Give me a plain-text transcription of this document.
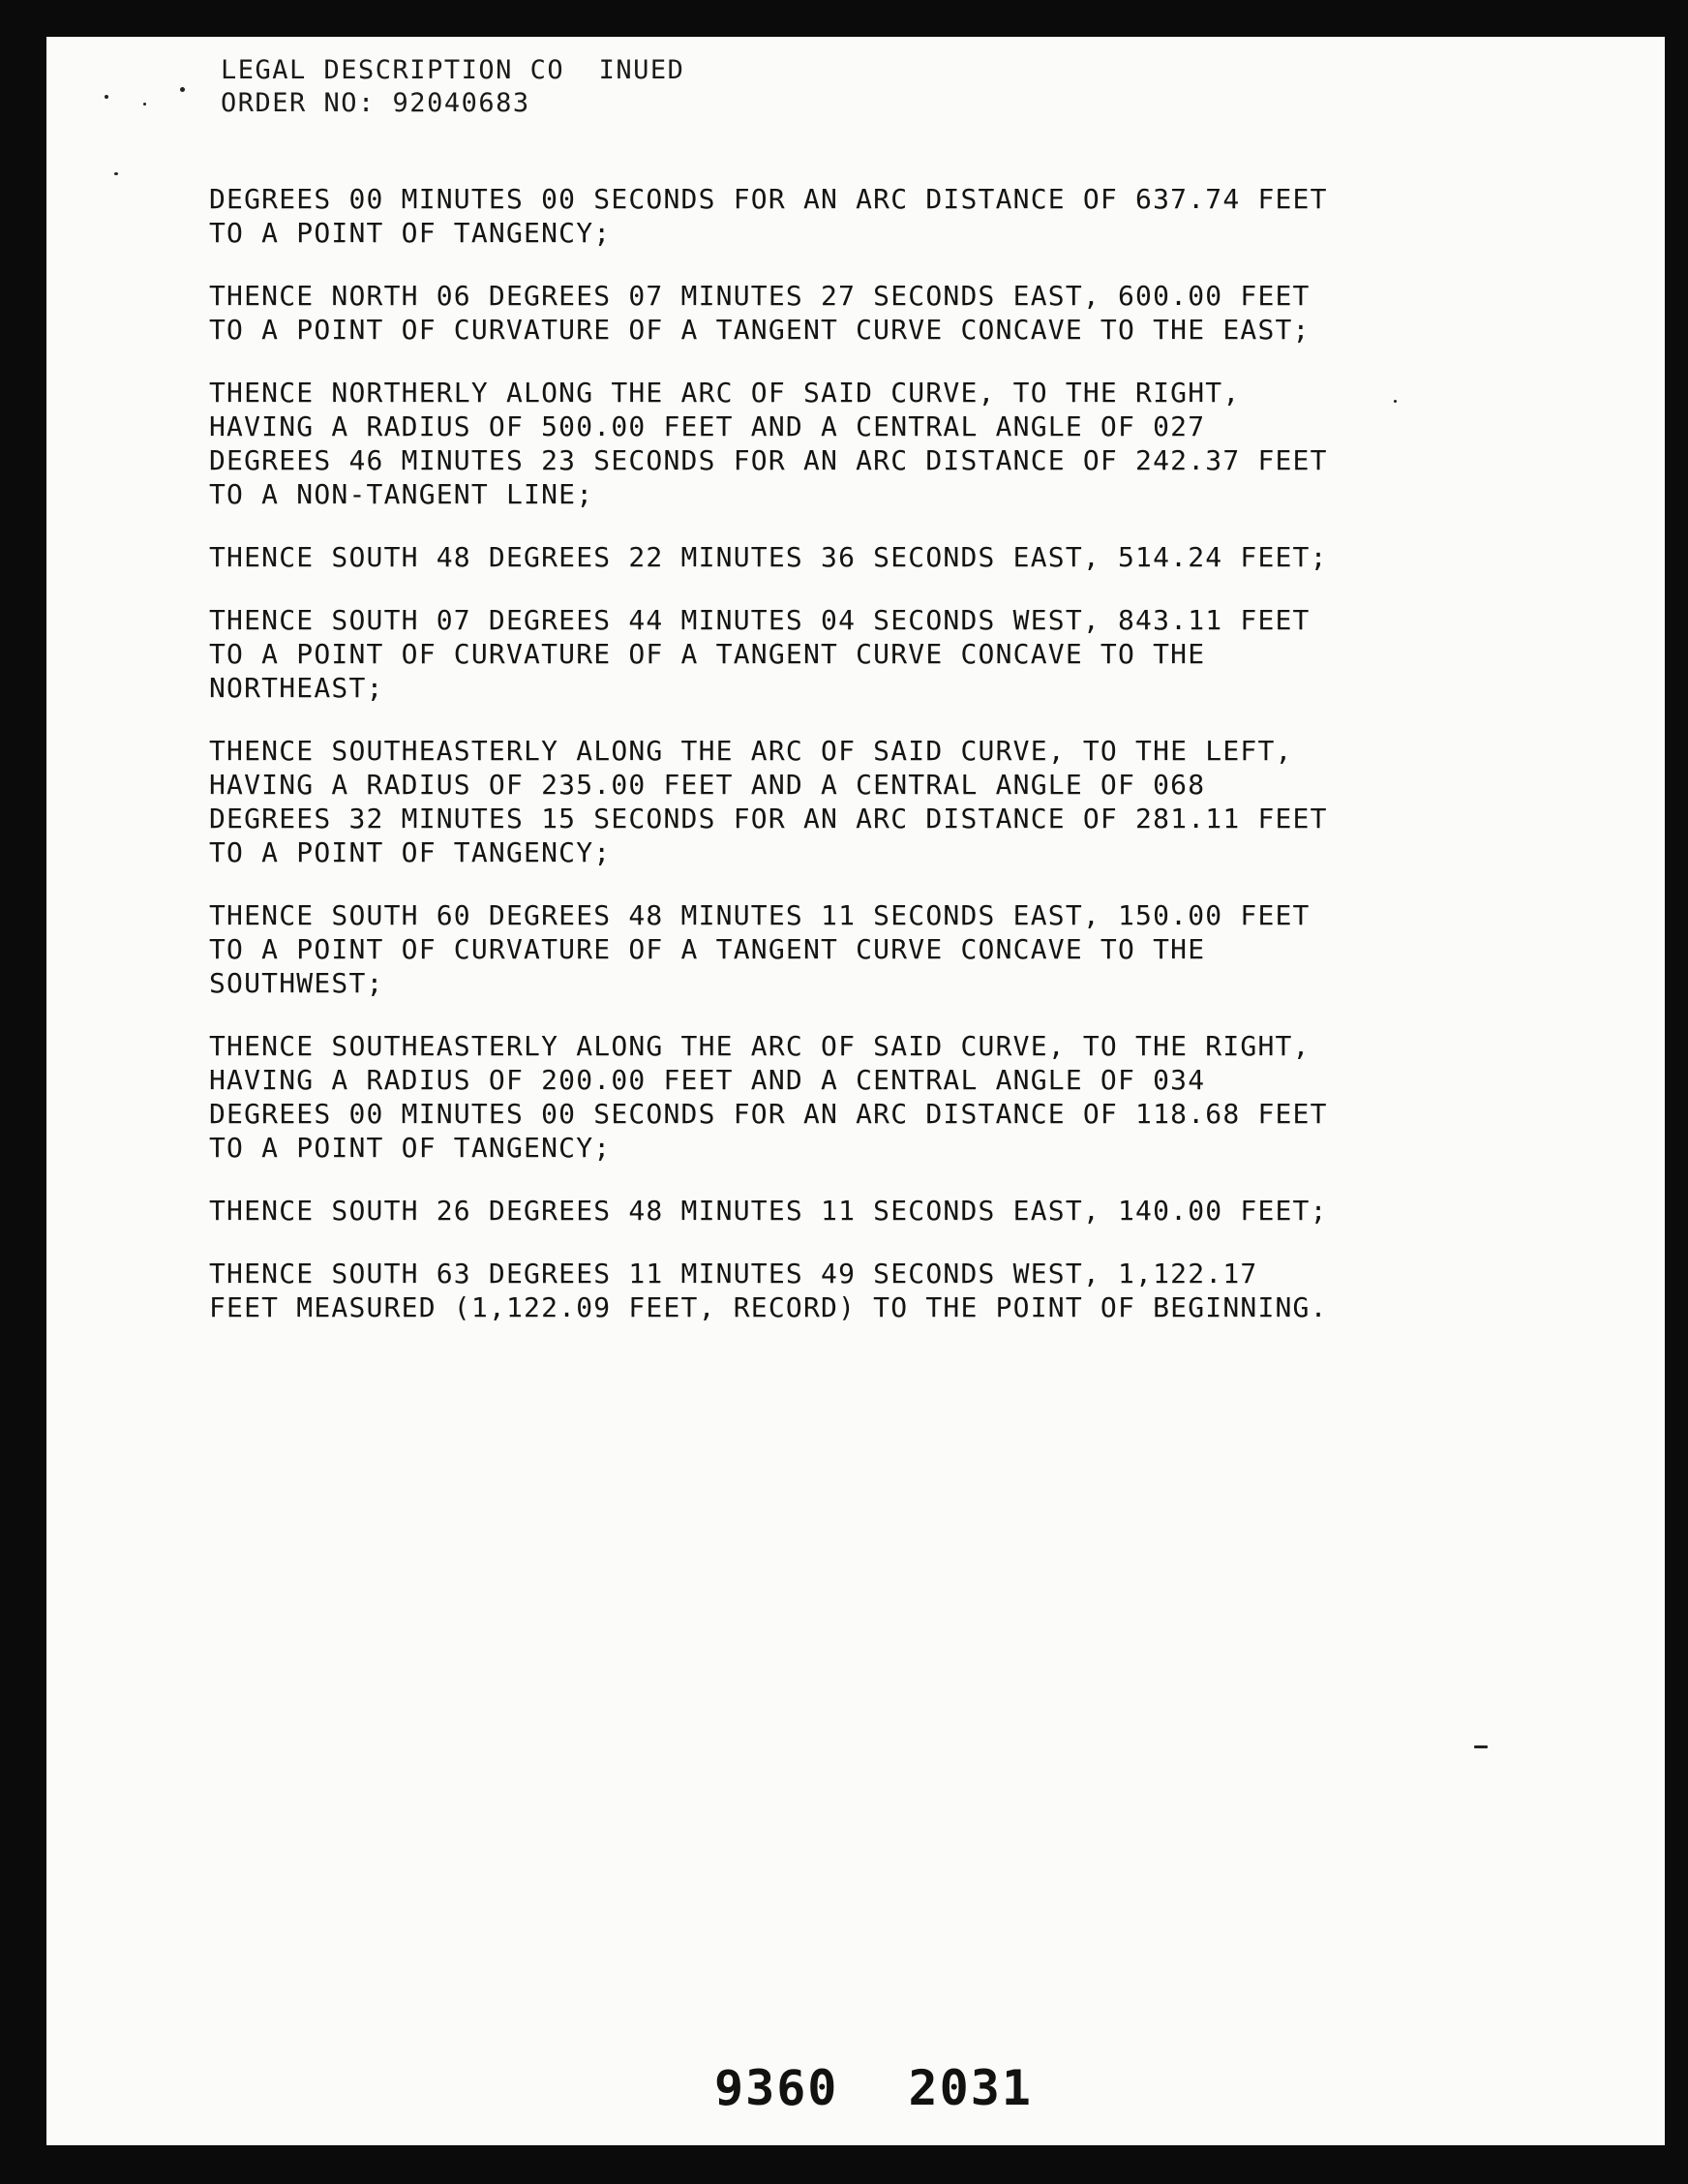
LEGAL DESCRIPTION CO  INUED
ORDER NO: 92040683

DEGREES 00 MINUTES 00 SECONDS FOR AN ARC DISTANCE OF 637.74 FEET
TO A POINT OF TANGENCY;

THENCE NORTH 06 DEGREES 07 MINUTES 27 SECONDS EAST, 600.00 FEET
TO A POINT OF CURVATURE OF A TANGENT CURVE CONCAVE TO THE EAST;

THENCE NORTHERLY ALONG THE ARC OF SAID CURVE, TO THE RIGHT,
HAVING A RADIUS OF 500.00 FEET AND A CENTRAL ANGLE OF 027
DEGREES 46 MINUTES 23 SECONDS FOR AN ARC DISTANCE OF 242.37 FEET
TO A NON-TANGENT LINE;

THENCE SOUTH 48 DEGREES 22 MINUTES 36 SECONDS EAST, 514.24 FEET;

THENCE SOUTH 07 DEGREES 44 MINUTES 04 SECONDS WEST, 843.11 FEET
TO A POINT OF CURVATURE OF A TANGENT CURVE CONCAVE TO THE
NORTHEAST;

THENCE SOUTHEASTERLY ALONG THE ARC OF SAID CURVE, TO THE LEFT,
HAVING A RADIUS OF 235.00 FEET AND A CENTRAL ANGLE OF 068
DEGREES 32 MINUTES 15 SECONDS FOR AN ARC DISTANCE OF 281.11 FEET
TO A POINT OF TANGENCY;

THENCE SOUTH 60 DEGREES 48 MINUTES 11 SECONDS EAST, 150.00 FEET
TO A POINT OF CURVATURE OF A TANGENT CURVE CONCAVE TO THE
SOUTHWEST;

THENCE SOUTHEASTERLY ALONG THE ARC OF SAID CURVE, TO THE RIGHT,
HAVING A RADIUS OF 200.00 FEET AND A CENTRAL ANGLE OF 034
DEGREES 00 MINUTES 00 SECONDS FOR AN ARC DISTANCE OF 118.68 FEET
TO A POINT OF TANGENCY;

THENCE SOUTH 26 DEGREES 48 MINUTES 11 SECONDS EAST, 140.00 FEET;

THENCE SOUTH 63 DEGREES 11 MINUTES 49 SECONDS WEST, 1,122.17
FEET MEASURED (1,122.09 FEET, RECORD) TO THE POINT OF BEGINNING.

9360 2031
